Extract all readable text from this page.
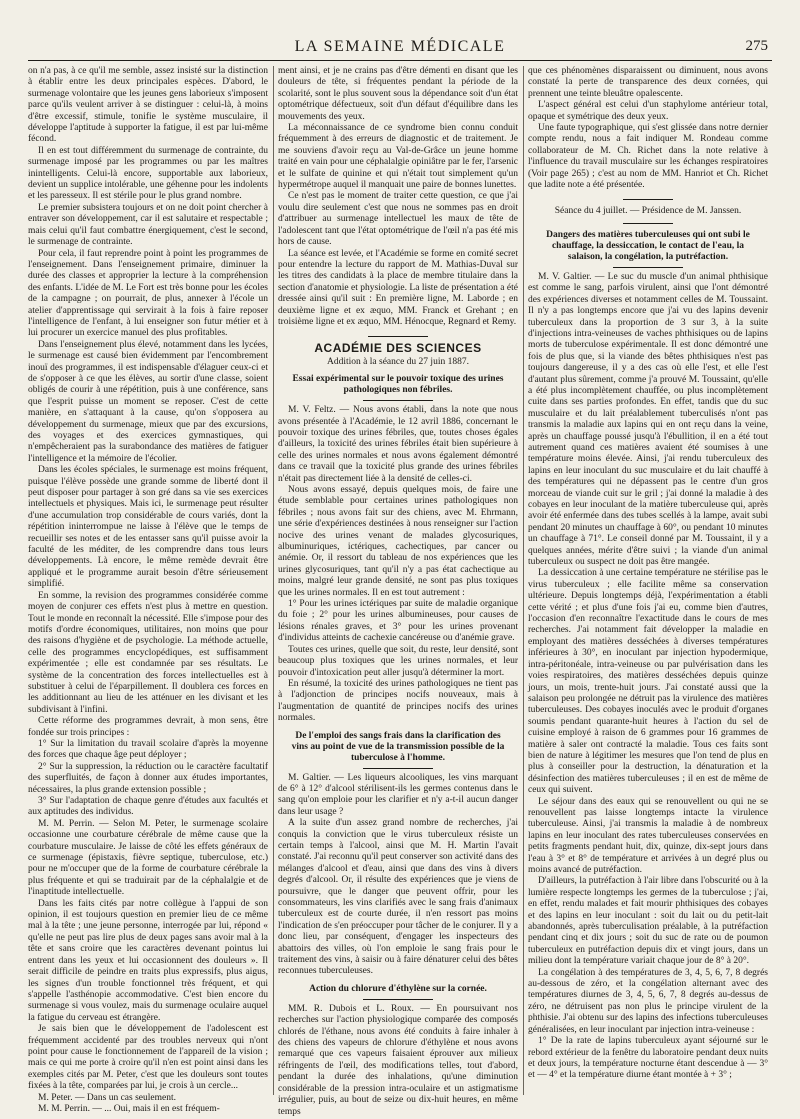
LA SEMAINE MÉDICALE	275

on n'a pas, à ce qu'il me semble, assez insisté sur la distinction à établir entre les deux principales espèces. D'abord, le surmenage volontaire que les jeunes gens laborieux s'imposent parce qu'ils veulent arriver à se distinguer : celui-là, à moins d'être excessif, stimule, tonifie le système musculaire, il développe l'aptitude à supporter la fatigue, il est par lui-même fécond.

Il en est tout différemment du surmenage de contrainte, du surmenage imposé par les programmes ou par les maîtres inintelligents. Celui-là encore, supportable aux laborieux, devient un supplice intolérable, une géhenne pour les indolents et les paresseux. Il est stérile pour le plus grand nombre.

Le premier subsistera toujours et on ne doit point chercher à entraver son développement, car il est salutaire et respectable ; mais celui qu'il faut combattre énergiquement, c'est le second, le surmenage de contrainte.

Pour cela, il faut reprendre point à point les programmes de l'enseignement. Dans l'enseignement primaire, diminuer la durée des classes et approprier la lecture à la compréhension des enfants. L'idée de M. Le Fort est très bonne pour les écoles de la campagne ; on pourrait, de plus, annexer à l'école un atelier d'apprentissage qui servirait à la fois à faire reposer l'intelligence de l'enfant, à lui enseigner son futur métier et à lui procurer un exercice manuel des plus profitables.

Dans l'enseignement plus élevé, notamment dans les lycées, le surmenage est causé bien évidemment par l'encombrement inouï des programmes, il est indispensable d'élaguer ceux-ci et de s'opposer à ce que les élèves, au sortir d'une classe, soient obligés de courir à une répétition, puis à une conférence, sans que l'esprit puisse un moment se reposer. C'est de cette manière, en s'attaquant à la cause, qu'on s'opposera au développement du surmenage, mieux que par des excursions, des voyages et des exercices gymnastiques, qui n'empêcheraient pas la surabondance des matières de fatiguer l'intelligence et la mémoire de l'écolier.

Dans les écoles spéciales, le surmenage est moins fréquent, puisque l'élève possède une grande somme de liberté dont il peut disposer pour partager à son gré dans sa vie ses exercices intellectuels et physiques. Mais ici, le surmenage peut résulter d'une accumulation trop considérable de cours variés, dont la répétition ininterrompue ne laisse à l'élève que le temps de recueillir ses notes et de les entasser sans qu'il puisse avoir la faculté de les méditer, de les comprendre dans tous leurs développements. Là encore, le même remède devrait être appliqué et le programme aurait besoin d'être sérieusement simplifié.

En somme, la revision des programmes considérée comme moyen de conjurer ces effets n'est plus à mettre en question. Tout le monde en reconnaît la nécessité. Elle s'impose pour des motifs d'ordre économiques, utilitaires, non moins que pour des raisons d'hygiène et de psychologie. La méthode actuelle, celle des programmes encyclopédiques, est suffisamment expérimentée ; elle est condamnée par ses résultats. Le système de la concentration des forces intellectuelles est à substituer à celui de l'éparpillement. Il doublera ces forces en les additionnant au lieu de les atténuer en les divisant et les subdivisant à l'infini.

Cette réforme des programmes devrait, à mon sens, être fondée sur trois principes :

1° Sur la limitation du travail scolaire d'après la moyenne des forces que chaque âge peut déployer ;

2° Sur la suppression, la réduction ou le caractère facultatif des superfluités, de façon à donner aux études importantes, nécessaires, la plus grande extension possible ;

3° Sur l'adaptation de chaque genre d'études aux facultés et aux aptitudes des individus.

M. M. Perrin. — Selon M. Peter, le surmenage scolaire occasionne une courbature cérébrale de même cause que la courbature musculaire. Je laisse de côté les effets généraux de ce surmenage (épistaxis, fièvre septique, tuberculose, etc.) pour ne m'occuper que de la forme de courbature cérébrale la plus fréquente et qui se traduirait par de la céphalalgie et de l'inaptitude intellectuelle.

Dans les faits cités par notre collègue à l'appui de son opinion, il est toujours question en premier lieu de ce même mal à la tête ; une jeune personne, interrogée par lui, répond « qu'elle ne peut pas lire plus de deux pages sans avoir mal à la tête et sans croire que les caractères devenant pointus lui entrent dans les yeux et lui occasionnent des douleurs ». Il serait difficile de peindre en traits plus expressifs, plus aigus, les signes d'un trouble fonctionnel très fréquent, et qui s'appelle l'asthénopie accommodative. C'est bien encore du surmenage si vous voulez, mais du surmenage oculaire auquel la fatigue du cerveau est étrangère.

Je sais bien que le développement de l'adolescent est fréquemment accidenté par des troubles nerveux qui n'ont point pour cause le fonctionnement de l'appareil de la vision ; mais ce qui me porte à croire qu'il n'en est point ainsi dans les exemples cités par M. Peter, c'est que les douleurs sont toutes fixées à la tête, comparées par lui, je crois à un cercle...

M. Peter. — Dans un cas seulement.

M. M. Perrin. — ... Oui, mais il en est fréquem-

ment ainsi, et je ne crains pas d'être démenti en disant que les douleurs de tête, si fréquentes pendant la période de la scolarité, sont le plus souvent sous la dépendance soit d'un état optométrique défectueux, soit d'un défaut d'équilibre dans les mouvements des yeux.

La méconnaissance de ce syndrome bien connu conduit fréquemment à des erreurs de diagnostic et de traitement. Je me souviens d'avoir reçu au Val-de-Grâce un jeune homme traité en vain pour une céphalalgie opiniâtre par le fer, l'arsenic et le sulfate de quinine et qui n'était tout simplement qu'un hypermétrope auquel il manquait une paire de bonnes lunettes.

Ce n'est pas le moment de traiter cette question, ce que j'ai voulu dire seulement c'est que nous ne sommes pas en droit d'attribuer au surmenage intellectuel les maux de tête de l'adolescent tant que l'état optométrique de l'œil n'a pas été mis hors de cause.

La séance est levée, et l'Académie se forme en comité secret pour entendre la lecture du rapport de M. Mathias-Duval sur les titres des candidats à la place de membre titulaire dans la section d'anatomie et physiologie. La liste de présentation a été dressée ainsi qu'il suit : En première ligne, M. Laborde ; en deuxième ligne et ex æquo, MM. Franck et Grehant ; en troisième ligne et ex æquo, MM. Hénocque, Regnard et Remy.

ACADÉMIE DES SCIENCES
Addition à la séance du 27 juin 1887.
Essai expérimental sur le pouvoir toxique des urines pathologiques non fébriles.

M. V. Feltz. — Nous avons établi, dans la note que nous avons présentée à l'Académie, le 12 avril 1886, concernant le pouvoir toxique des urines fébriles, que, toutes choses égales d'ailleurs, la toxicité des urines fébriles était bien supérieure à celle des urines normales et nous avons également démontré dans ce travail que la toxicité plus grande des urines fébriles n'était pas directement liée à la densité de celles-ci.

Nous avons essayé, depuis quelques mois, de faire une étude semblable pour certaines urines pathologiques non fébriles ; nous avons fait sur des chiens, avec M. Ehrmann, une série d'expériences destinées à nous renseigner sur l'action nocive des urines venant de malades glycosuriques, albuminuriques, ictériques, cachectiques, par cancer ou anémie. Or, il ressort du tableau de nos expériences que les urines glycosuriques, tant qu'il n'y a pas état cachectique au moins, malgré leur grande densité, ne sont pas plus toxiques que les urines normales. Il en est tout autrement :

1° Pour les urines ictériques par suite de maladie organique du foie ; 2° pour les urines albumineuses, pour causes de lésions rénales graves, et 3° pour les urines provenant d'individus atteints de cachexie cancéreuse ou d'anémie grave.

Toutes ces urines, quelle que soit, du reste, leur densité, sont beaucoup plus toxiques que les urines normales, et leur pouvoir d'intoxication peut aller jusqu'à déterminer la mort.

En résumé, la toxicité des urines pathologiques ne tient pas à l'adjonction de principes nocifs nouveaux, mais à l'augmentation de quantité de principes nocifs des urines normales.

De l'emploi des sangs frais dans la clarification des vins au point de vue de la transmission possible de la tuberculose à l'homme.

M. Galtier. — Les liqueurs alcooliques, les vins marquant de 6° à 12° d'alcool stérilisent-ils les germes contenus dans le sang qu'on emploie pour les clarifier et n'y a-t-il aucun danger dans leur usage ?

A la suite d'un assez grand nombre de recherches, j'ai conquis la conviction que le virus tuberculeux résiste un certain temps à l'alcool, ainsi que M. H. Martin l'avait constaté. J'ai reconnu qu'il peut conserver son activité dans des mélanges d'alcool et d'eau, ainsi que dans des vins à divers degrés d'alcool. Or, il résulte des expériences que je viens de poursuivre, que le danger que peuvent offrir, pour les consommateurs, les vins clarifiés avec le sang frais d'animaux tuberculeux est de courte durée, il n'en ressort pas moins l'indication de s'en préoccuper pour tâcher de le conjurer. Il y a donc lieu, par conséquent, d'engager les inspecteurs des abattoirs des villes, où l'on emploie le sang frais pour le traitement des vins, à saisir ou à faire dénaturer celui des bêtes reconnues tuberculeuses.

Action du chlorure d'éthylène sur la cornée.

MM. R. Dubois et L. Roux. — En poursuivant nos recherches sur l'action physiologique comparée des composés chlorés de l'éthane, nous avons été conduits à faire inhaler à des chiens des vapeurs de chlorure d'éthylène et nous avons remarqué que ces vapeurs faisaient éprouver aux milieux réfringents de l'œil, des modifications telles, tout d'abord, pendant la durée des inhalations, qu'une diminution considérable de la pression intra-oculaire et un astigmatisme irrégulier, puis, au bout de seize ou dix-huit heures, en même temps

que ces phénomènes disparaissent ou diminuent, nous avons constaté la perte de transparence des deux cornées, qui prennent une teinte bleuâtre opalescente.

L'aspect général est celui d'un staphylome antérieur total, opaque et symétrique des deux yeux.

Une faute typographique, qui s'est glissée dans notre dernier compte rendu, nous a fait indiquer M. Rondeau comme collaborateur de M. Ch. Richet dans la note relative à l'influence du travail musculaire sur les échanges respiratoires (Voir page 265) ; c'est au nom de MM. Hanriot et Ch. Richet que ladite note a été présentée.

Séance du 4 juillet. — Présidence de M. Janssen.
Dangers des matières tuberculeuses qui ont subi le chauffage, la dessiccation, le contact de l'eau, la salaison, la congélation, la putréfaction.

M. V. Galtier. — Le suc du muscle d'un animal phthisique est comme le sang, parfois virulent, ainsi que l'ont démontré des expériences diverses et notamment celles de M. Toussaint. Il n'y a pas longtemps encore que j'ai vu des lapins devenir tuberculeux dans la proportion de 3 sur 3, à la suite d'injections intra-veineuses de vaches phthisiques ou de lapins morts de tuberculose expérimentale. Il est donc démontré une fois de plus que, si la viande des bêtes phthisiques n'est pas toujours dangereuse, il y a des cas où elle l'est, et elle l'est d'autant plus sûrement, comme j'a prouvé M. Toussaint, qu'elle a été plus incomplètement chauffée, ou plus incomplètement cuite dans ses parties profondes. En effet, tandis que du suc musculaire et du lait préalablement tuberculisés n'ont pas transmis la maladie aux lapins qui en ont reçu dans la veine, après un chauffage poussé jusqu'à l'ébullition, il en a été tout autrement quand ces matières avaient été soumises à une température moins élevée. Ainsi, j'ai rendu tuberculeux des lapins en leur inoculant du suc musculaire et du lait chauffé à des températures qui ne dépassent pas le centre d'un gros morceau de viande cuit sur le gril ; j'ai donné la maladie à des cobayes en leur inoculant de la matière tuberculeuse qui, après avoir été enfermée dans des tubes scellés à la lampe, avait subi pendant 20 minutes un chauffage à 60°, ou pendant 10 minutes un chauffage à 71°. Le conseil donné par M. Toussaint, il y a quelques années, mérite d'être suivi ; la viande d'un animal tuberculeux ou suspect ne doit pas être mangée.

La dessiccation à une certaine température ne stérilise pas le virus tuberculeux ; elle facilite même sa conservation ultérieure. Depuis longtemps déjà, l'expérimentation a établi cette vérité ; et plus d'une fois j'ai eu, comme bien d'autres, l'occasion d'en reconnaître l'exactitude dans le cours de mes recherches. J'ai notamment fait développer la maladie en employant des matières desséchées à diverses températures inférieures à 30°, en inoculant par injection hypodermique, intra-péritonéale, intra-veineuse ou par pulvérisation dans les voies respiratoires, des matières desséchées depuis quinze jours, un mois, trente-huit jours. J'ai constaté aussi que la salaison peu prolongée ne détruit pas la virulence des matières tuberculeuses. Des cobayes inoculés avec le produit d'organes soumis pendant quarante-huit heures à l'action du sel de cuisine employé à raison de 6 grammes pour 16 grammes de matière à saler ont contracté la maladie. Tous ces faits sont bien de nature à légitimer les mesures que l'on tend de plus en plus à conseiller pour la destruction, la dénaturation et la désinfection des matières tuberculeuses ; il en est de même de ceux qui suivent.

Le séjour dans des eaux qui se renouvellent ou qui ne se renouvellent pas laisse longtemps intacte la virulence tuberculeuse. Ainsi, j'ai transmis la maladie à de nombreux lapins en leur inoculant des rates tuberculeuses conservées en petits fragments pendant huit, dix, quinze, dix-sept jours dans l'eau à 3° et 8° de température et arrivées à un degré plus ou moins avancé de putréfaction.

D'ailleurs, la putréfaction à l'air libre dans l'obscurité ou à la lumière respecte longtemps les germes de la tuberculose ; j'ai, en effet, rendu malades et fait mourir phthisiques des cobayes et des lapins en leur inoculant : soit du lait ou du petit-lait abandonnés, après tuberculisation préalable, à la putréfaction pendant cinq et dix jours ; soit du suc de rate ou de poumon tuberculeux en putréfaction depuis dix et vingt jours, dans un milieu dont la température variait chaque jour de 8° à 20°.

La congélation à des températures de 3, 4, 5, 6, 7, 8 degrés au-dessous de zéro, et la congélation alternant avec des températures diurnes de 3, 4, 5, 6, 7, 8 degrés au-dessus de zéro, ne détruisent pas non plus le principe virulent de la phthisie. J'ai obtenu sur des lapins des infections tuberculeuses généralisées, en leur inoculant par injection intra-veineuse :

1° De la rate de lapins tuberculeux ayant séjourné sur le rebord extérieur de la fenêtre du laboratoire pendant deux nuits et deux jours, la température nocturne étant descendue à — 3° et — 4° et la température diurne étant montée à + 3° ;
